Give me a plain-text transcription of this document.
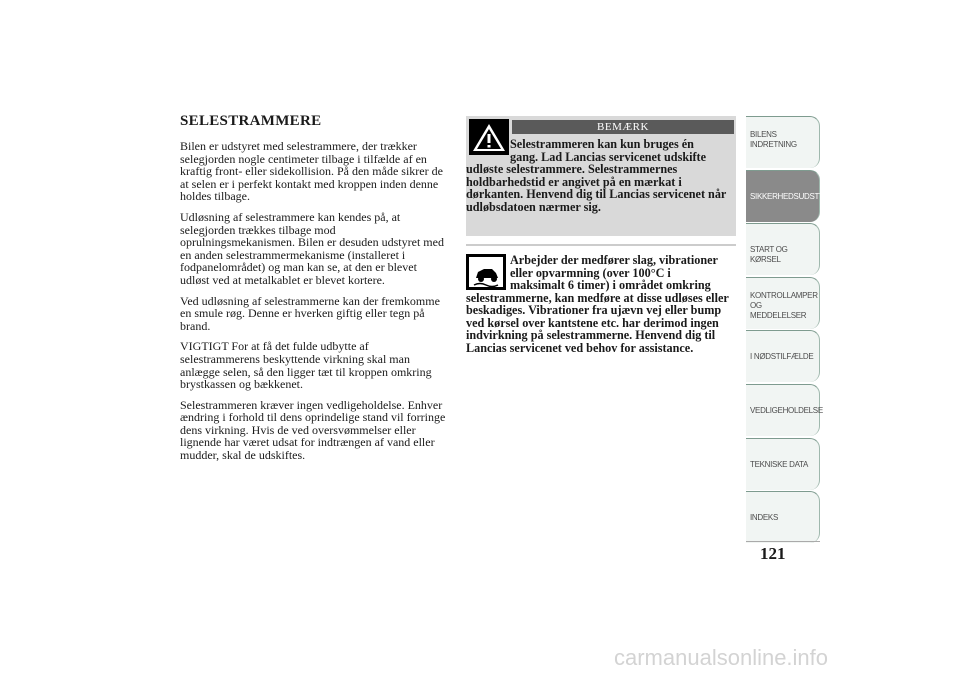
SELESTRAMMERE

Bilen er udstyret med selestrammere, der trækker selegjorden nogle centimeter tilbage i tilfælde af en kraftig front- eller sidekollision. På den måde sikrer de at selen er i perfekt kontakt med kroppen inden denne holdes tilbage.

Udløsning af selestrammere kan kendes på, at selegjorden trækkes tilbage mod oprulningsmekanismen. Bilen er desuden udstyret med en anden selestrammermekanisme (installeret i fodpanelområdet) og man kan se, at den er blevet udløst ved at metalkablet er blevet kortere.

Ved udløsning af selestrammerne kan der fremkomme en smule røg. Denne er hverken giftig eller tegn på brand.

VIGTIGT For at få det fulde udbytte af selestrammerens beskyttende virkning skal man anlægge selen, så den ligger tæt til kroppen omkring brystkassen og bækkenet.

Selestrammeren kræver ingen vedligeholdelse. Enhver ændring i forhold til dens oprindelige stand vil forringe dens virkning. Hvis de ved oversvømmelser eller lignende har været udsat for indtrængen af vand eller mudder, skal de udskiftes.

BEMÆRK
Selestrammeren kan kun bruges én
gang. Lad Lancias servicenet udskifte
udløste selestrammere. Selestrammernes holdbarhedstid er angivet på en mærkat i dørkanten. Henvend dig til Lancias servicenet når udløbsdatoen nærmer sig.
Arbejder der medfører slag, vibrationer
eller opvarmning (over 100°C i
maksimalt 6 timer) i området omkring
selestrammerne, kan medføre at disse udløses eller beskadiges. Vibrationer fra ujævn vej eller bump ved kørsel over kantstene etc. har derimod ingen indvirkning på selestrammerne. Henvend dig til Lancias servicenet ved behov for assistance.
BILENS
INDRETNING
SIKKERHEDSUDSTYR
START OG KØRSEL
KONTROLLAMPER
OG MEDDELELSER
I NØDSTILFÆLDE
VEDLIGEHOLDELSE
TEKNISKE DATA
INDEKS
121
carmanualsonline.info
